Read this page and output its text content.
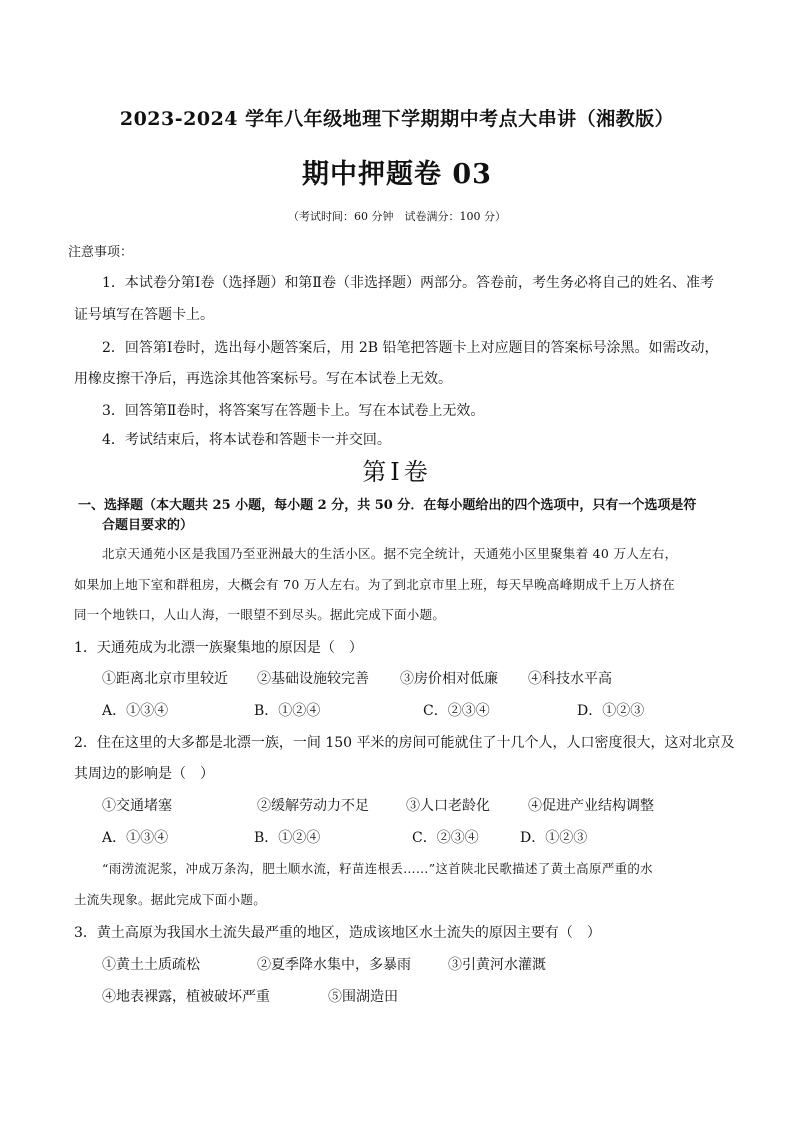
2023-2024 学年八年级地理下学期期中考点大串讲（湘教版）
期中押题卷 03
（考试时间：60 分钟　试卷满分：100 分）
注意事项：
1．本试卷分第Ⅰ卷（选择题）和第Ⅱ卷（非选择题）两部分。答卷前，考生务必将自己的姓名、准考
证号填写在答题卡上。
2．回答第Ⅰ卷时，选出每小题答案后，用 2B 铅笔把答题卡上对应题目的答案标号涂黑。如需改动，
用橡皮擦干净后，再选涂其他答案标号。写在本试卷上无效。
3．回答第Ⅱ卷时，将答案写在答题卡上。写在本试卷上无效。
4．考试结束后，将本试卷和答题卡一并交回。
第Ⅰ卷
一、选择题（本大题共 25 小题，每小题 2 分，共 50 分．在每小题给出的四个选项中，只有一个选项是符
合题目要求的）
北京天通苑小区是我国乃至亚洲最大的生活小区。据不完全统计，天通苑小区里聚集着 40 万人左右，
如果加上地下室和群租房，大概会有 70 万人左右。为了到北京市里上班，每天早晚高峰期成千上万人挤在
同一个地铁口，人山人海，一眼望不到尽头。据此完成下面小题。
1．天通苑成为北漂一族聚集地的原因是（　）
①距离北京市里较近 ②基础设施较完善 ③房价相对低廉 ④科技水平高
A．①③④	B．①②④	C．②③④	D．①②③
2．住在这里的大多都是北漂一族，一间 150 平米的房间可能就住了十几个人，人口密度很大，这对北京及
其周边的影响是（　）
①交通堵塞	②缓解劳动力不足	③人口老龄化	④促进产业结构调整
A．①③④	B．①②④	C．②③④	D．①②③
“雨涝流泥浆，冲成万条沟，肥土顺水流，籽苗连根丢……”这首陕北民歌描述了黄土高原严重的水
土流失现象。据此完成下面小题。
3．黄土高原为我国水土流失最严重的地区，造成该地区水土流失的原因主要有（　）
①黄土土质疏松	②夏季降水集中，多暴雨	③引黄河水灌溉
④地表裸露，植被破坏严重	⑤围湖造田
